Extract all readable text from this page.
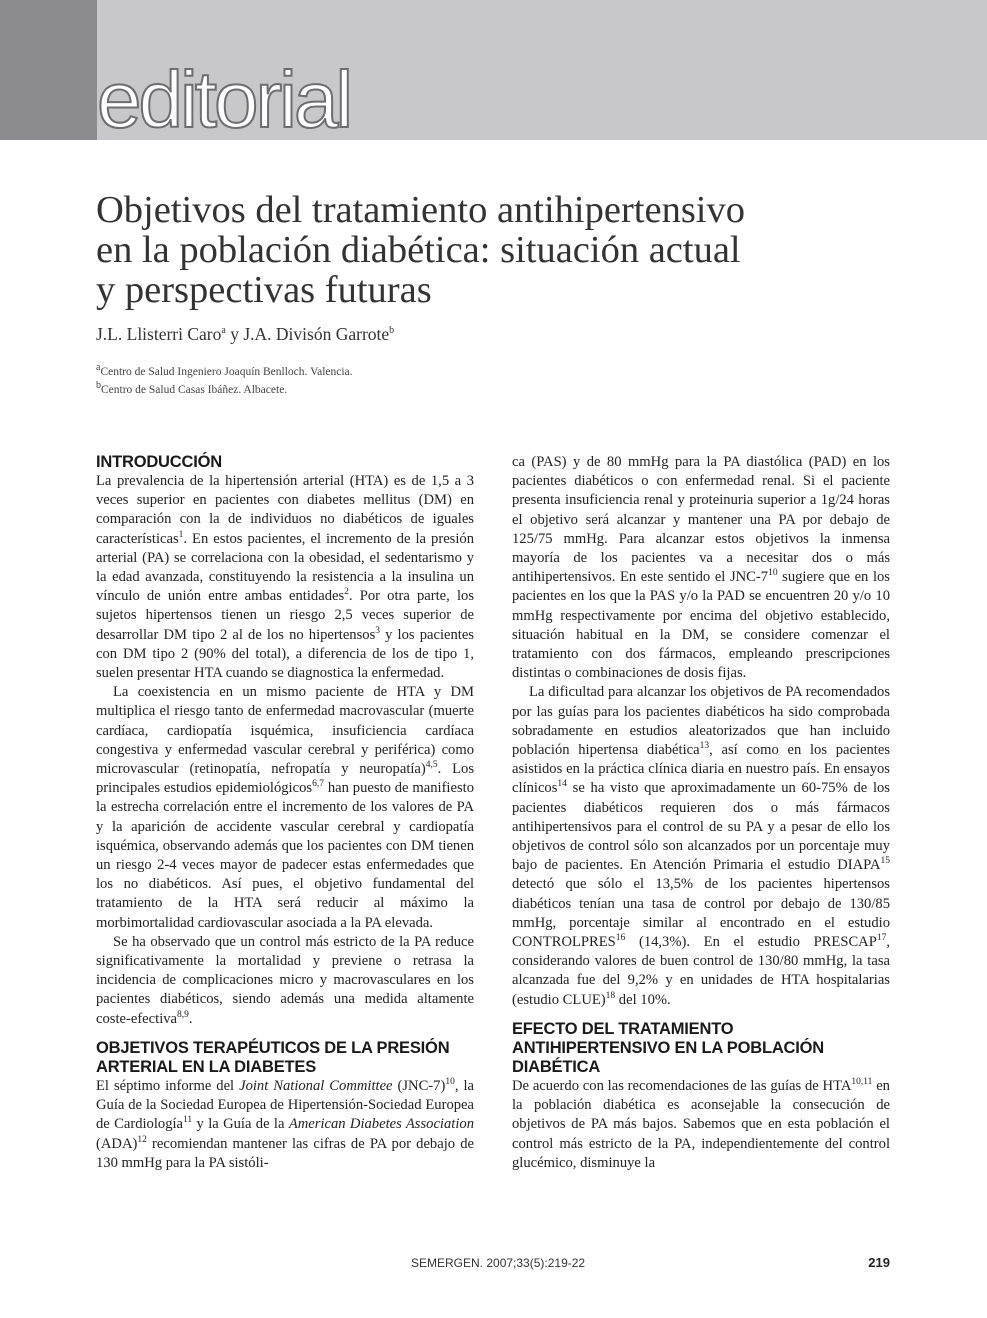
editorial
Objetivos del tratamiento antihipertensivo
en la población diabética: situación actual
y perspectivas futuras
J.L. Llisterri Caro$^a$ y J.A. Divisón Garrote$^b$
$^a$Centro de Salud Ingeniero Joaquín Benlloch. Valencia.
$^b$Centro de Salud Casas Ibáñez. Albacete.
INTRODUCCIÓN

La prevalencia de la hipertensión arterial (HTA) es de 1,5 a 3 veces superior en pacientes con diabetes mellitus (DM) en comparación con la de individuos no diabéticos de iguales características$^1$. En estos pacientes, el incremento de la presión arterial (PA) se correlaciona con la obesidad, el sedentarismo y la edad avanzada, constituyendo la resistencia a la insulina un vínculo de unión entre ambas entidades$^2$. Por otra parte, los sujetos hipertensos tienen un riesgo 2,5 veces superior de desarrollar DM tipo 2 al de los no hipertensos$^3$ y los pacientes con DM tipo 2 (90% del total), a diferencia de los de tipo 1, suelen presentar HTA cuando se diagnostica la enfermedad.

La coexistencia en un mismo paciente de HTA y DM multiplica el riesgo tanto de enfermedad macrovascular (muerte cardíaca, cardiopatía isquémica, insuficiencia cardíaca congestiva y enfermedad vascular cerebral y periférica) como microvascular (retinopatía, nefropatía y neuropatía)$^{4,5}$. Los principales estudios epidemiológicos$^{6,7}$ han puesto de manifiesto la estrecha correlación entre el incremento de los valores de PA y la aparición de accidente vascular cerebral y cardiopatía isquémica, observando además que los pacientes con DM tienen un riesgo 2-4 veces mayor de padecer estas enfermedades que los no diabéticos. Así pues, el objetivo fundamental del tratamiento de la HTA será reducir al máximo la morbimortalidad cardiovascular asociada a la PA elevada.

Se ha observado que un control más estricto de la PA reduce significativamente la mortalidad y previene o retrasa la incidencia de complicaciones micro y macrovasculares en los pacientes diabéticos, siendo además una medida altamente coste-efectiva$^{8,9}$.

OBJETIVOS TERAPÉUTICOS DE LA PRESIÓN ARTERIAL EN LA DIABETES

El séptimo informe del Joint National Committee $(JNC-7)^{10}$, la Guía de la Sociedad Europea de Hipertensión-Sociedad Europea de Cardiología$^{11}$ y la Guía de la American Diabetes Association (ADA)$^{12}$ recomiendan mantener las cifras de PA por debajo de 130 mmHg para la PA sistóli-

ca (PAS) y de 80 mmHg para la PA diastólica (PAD) en los pacientes diabéticos o con enfermedad renal. Si el paciente presenta insuficiencia renal y proteinuria superior a 1g/24 horas el objetivo será alcanzar y mantener una PA por debajo de 125/75 mmHg. Para alcanzar estos objetivos la inmensa mayoría de los pacientes va a necesitar dos o más antihipertensivos. En este sentido el JNC-$7^{10}$ sugiere que en los pacientes en los que la PAS y/o la PAD se encuentren 20 y/o 10 mmHg respectivamente por encima del objetivo establecido, situación habitual en la DM, se considere comenzar el tratamiento con dos fármacos, empleando prescripciones distintas o combinaciones de dosis fijas.

La dificultad para alcanzar los objetivos de PA recomendados por las guías para los pacientes diabéticos ha sido comprobada sobradamente en estudios aleatorizados que han incluido población hipertensa diabética$^{13}$, así como en los pacientes asistidos en la práctica clínica diaria en nuestro país. En ensayos clínicos$^{14}$ se ha visto que aproximadamente un 60-75% de los pacientes diabéticos requieren dos o más fármacos antihipertensivos para el control de su PA y a pesar de ello los objetivos de control sólo son alcanzados por un porcentaje muy bajo de pacientes. En Atención Primaria el estudio DIAPA$^{15}$ detectó que sólo el 13,5% de los pacientes hipertensos diabéticos tenían una tasa de control por debajo de 130/85 mmHg, porcentaje similar al encontrado en el estudio CONTROLPRES$^{16}$ (14,3%). En el estudio PRESCAP$^{17}$, considerando valores de buen control de 130/80 mmHg, la tasa alcanzada fue del 9,2% y en unidades de HTA hospitalarias (estudio CLUE)$^{18}$ del 10%.

EFECTO DEL TRATAMIENTO ANTIHIPERTENSIVO EN LA POBLACIÓN DIABÉTICA

De acuerdo con las recomendaciones de las guías de HTA$^{10,11}$ en la población diabética es aconsejable la consecución de objetivos de PA más bajos. Sabemos que en esta población el control más estricto de la PA, independientemente del control glucémico, disminuye la

SEMERGEN. 2007;33(5):219-22	219
